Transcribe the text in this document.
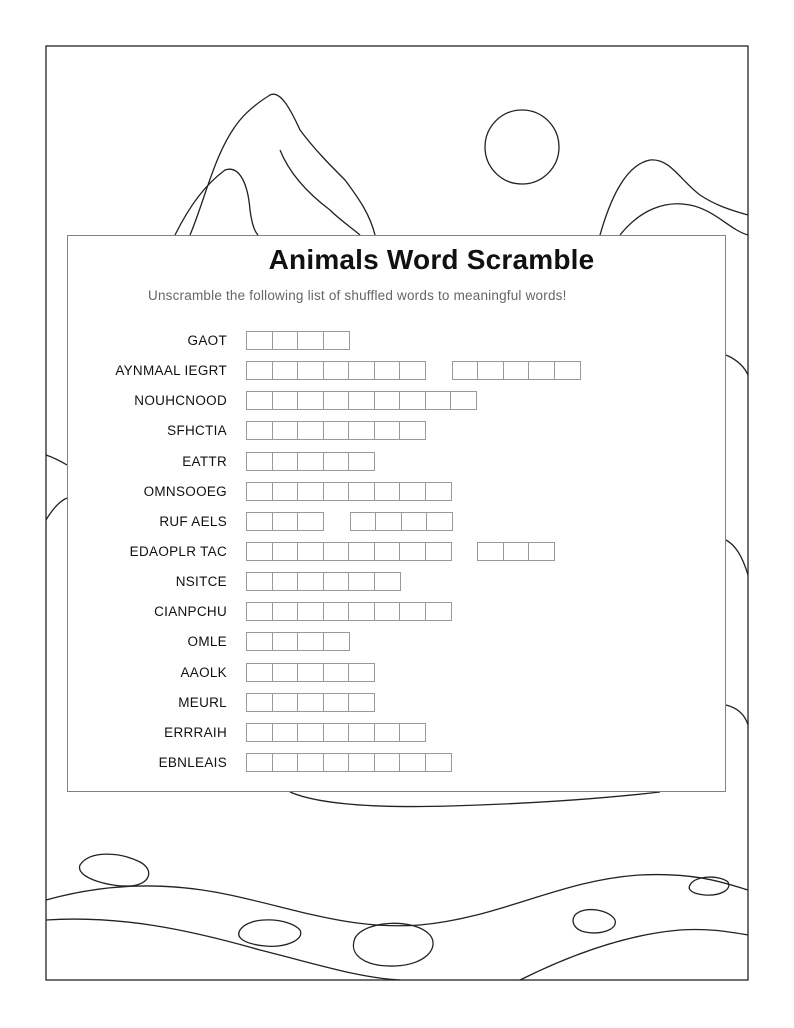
Animals Word Scramble
Unscramble the following list of shuffled words to meaningful words!
GAOT
AYNMAAL IEGRT
NOUHCNOOD
SFHCTIA
EATTR
OMNSOOEG
RUF AELS
EDAOPLR TAC
NSITCE
CIANPCHU
OMLE
AAOLK
MEURL
ERRRAIH
EBNLEAIS
